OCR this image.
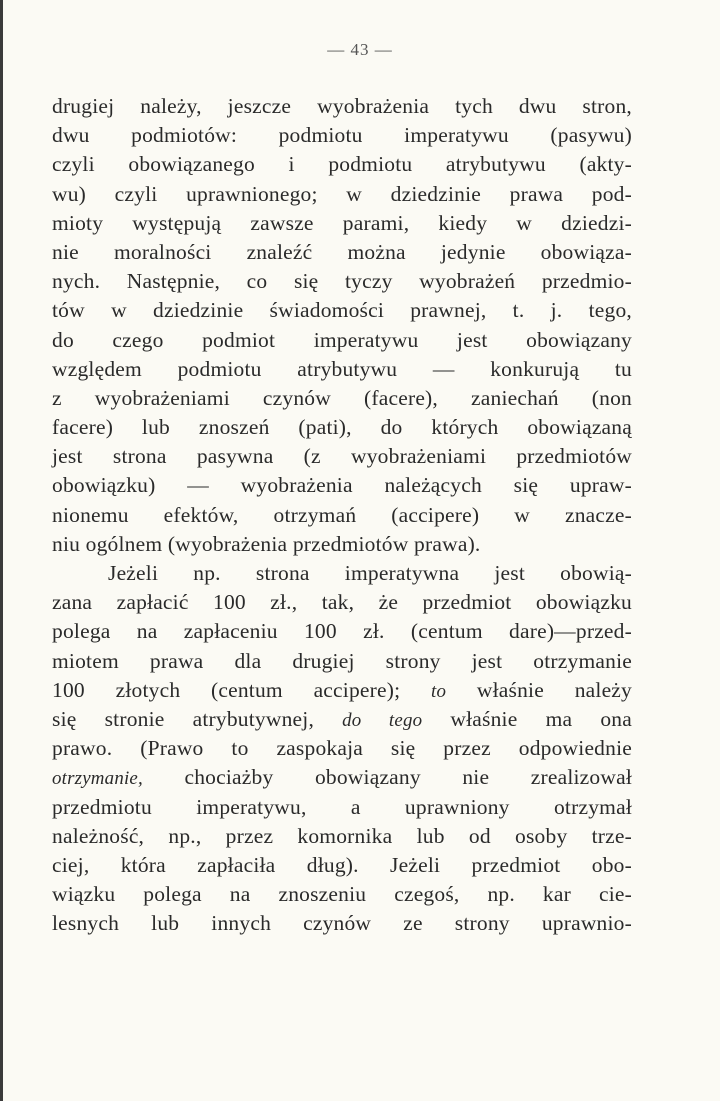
— 43 —
drugiej należy, jeszcze wyobrażenia tych dwu stron,
dwu podmiotów: podmiotu imperatywu (pasywu)
czyli obowiązanego i podmiotu atrybutywu (akty-
wu) czyli uprawnionego; w dziedzinie prawa pod-
mioty występują zawsze parami, kiedy w dziedzi-
nie moralności znaleźć można jedynie obowiąza-
nych. Następnie, co się tyczy wyobrażeń przedmio-
tów w dziedzinie świadomości prawnej, t. j. tego,
do czego podmiot imperatywu jest obowiązany
względem podmiotu atrybutywu — konkurują tu
z wyobrażeniami czynów (facere), zaniechań (non
facere) lub znoszeń (pati), do których obowiązaną
jest strona pasywna (z wyobrażeniami przedmiotów
obowiązku) — wyobrażenia należących się upraw-
nionemu efektów, otrzymań (accipere) w znacze-
niu ogólnem (wyobrażenia przedmiotów prawa).
Jeżeli np. strona imperatywna jest obowią-
zana zapłacić 100 zł., tak, że przedmiot obowiązku
polega na zapłaceniu 100 zł. (centum dare)—przed-
miotem prawa dla drugiej strony jest otrzymanie
100 złotych (centum accipere); to właśnie należy
się stronie atrybutywnej, do tego właśnie ma ona
prawo. (Prawo to zaspokaja się przez odpowiednie
otrzymanie, chociażby obowiązany nie zrealizował
przedmiotu imperatywu, a uprawniony otrzymał
należność, np., przez komornika lub od osoby trze-
ciej, która zapłaciła dług). Jeżeli przedmiot obo-
wiązku polega na znoszeniu czegoś, np. kar cie-
lesnych lub innych czynów ze strony uprawnio-
